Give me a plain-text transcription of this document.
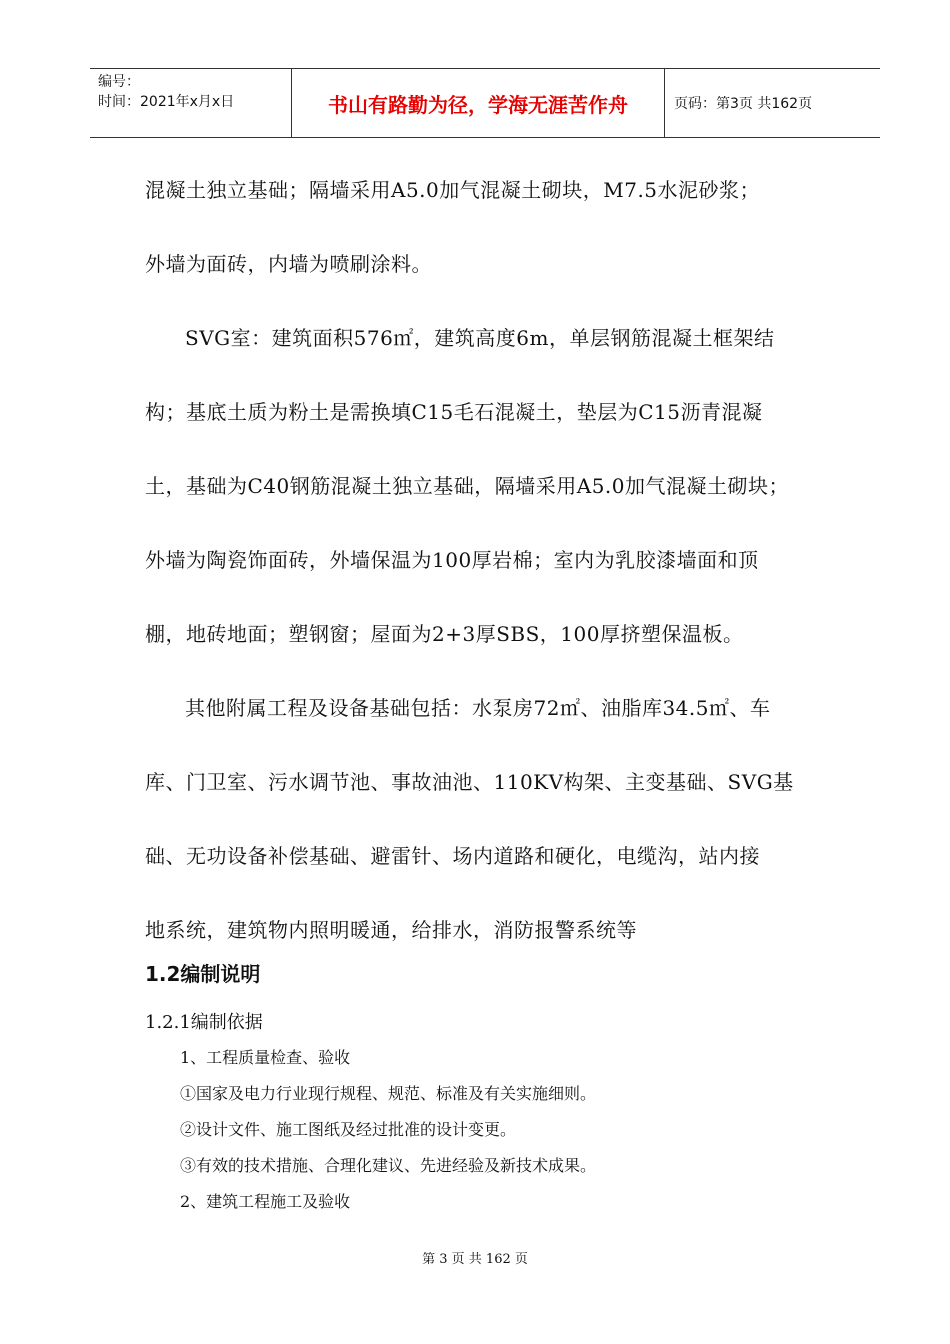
编号：
时间：2021年x月x日	书山有路勤为径，学海无涯苦作舟	页码：第3页 共162页
混凝土独立基础；隔墙采用A5.0加气混凝土砌块，M7.5水泥砂浆；
外墙为面砖，内墙为喷刷涂料。
SVG室：建筑面积576㎡，建筑高度6m，单层钢筋混凝土框架结
构；基底土质为粉土是需换填C15毛石混凝土，垫层为C15沥青混凝
土，基础为C40钢筋混凝土独立基础，隔墙采用A5.0加气混凝土砌块；
外墙为陶瓷饰面砖，外墙保温为100厚岩棉；室内为乳胶漆墙面和顶
棚，地砖地面；塑钢窗；屋面为2+3厚SBS，100厚挤塑保温板。
其他附属工程及设备基础包括：水泵房72㎡、油脂库34.5㎡、车
库、门卫室、污水调节池、事故油池、110KV构架、主变基础、SVG基
础、无功设备补偿基础、避雷针、场内道路和硬化，电缆沟，站内接
地系统，建筑物内照明暖通，给排水，消防报警系统等
1.2编制说明
1.2.1编制依据
1、工程质量检查、验收
①国家及电力行业现行规程、规范、标准及有关实施细则。
②设计文件、施工图纸及经过批准的设计变更。
③有效的技术措施、合理化建议、先进经验及新技术成果。
2、建筑工程施工及验收
第 3 页 共 162 页
